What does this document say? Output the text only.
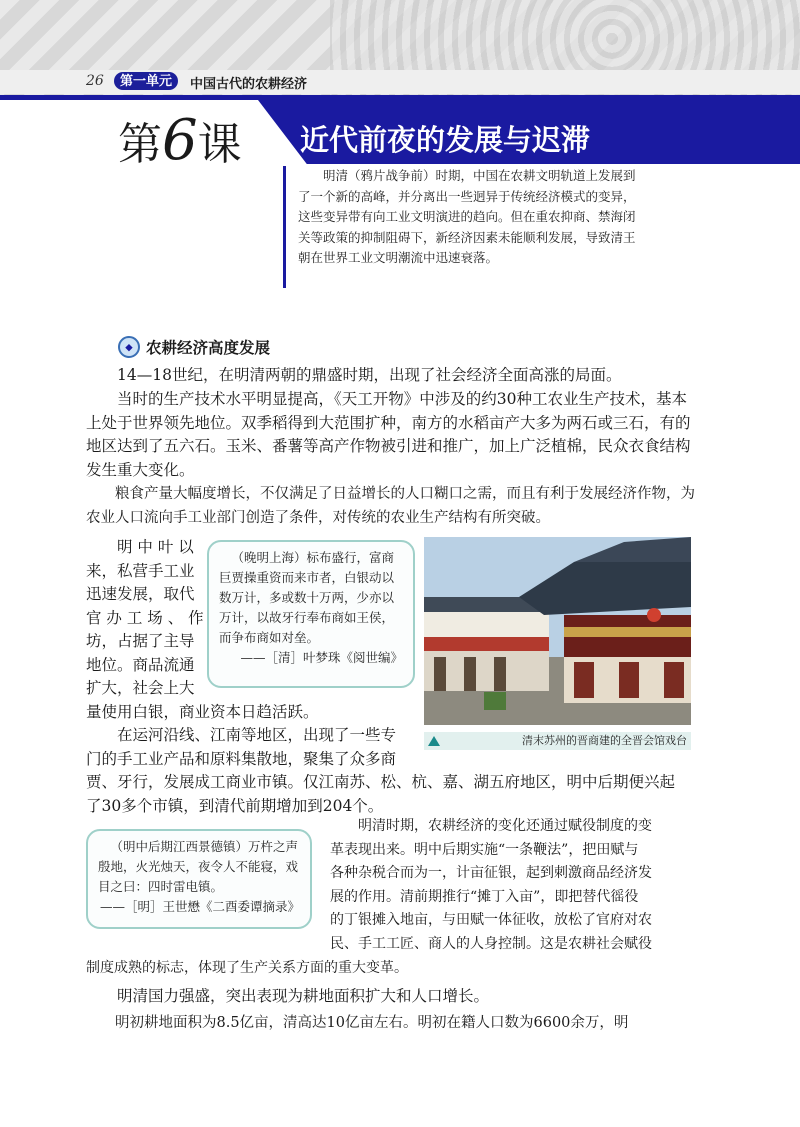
26	第一单元	中国古代的农耕经济
第6课 近代前夜的发展与迟滞

明清（鸦片战争前）时期，中国在农耕文明轨道上发展到了一个新的高峰，并分离出一些迥异于传统经济模式的变异，这些变异带有向工业文明演进的趋向。但在重农抑商、禁海闭关等政策的抑制阻碍下，新经济因素未能顺利发展，导致清王朝在世界工业文明潮流中迅速衰落。

◆ 农耕经济高度发展

14—18世纪，在明清两朝的鼎盛时期，出现了社会经济全面高涨的局面。

当时的生产技术水平明显提高，《天工开物》中涉及的约30种工农业生产技术，基本上处于世界领先地位。双季稻得到大范围扩种，南方的水稻亩产大多为两石或三石，有的地区达到了五六石。玉米、番薯等高产作物被引进和推广，加上广泛植棉，民众衣食结构发生重大变化。

粮食产量大幅度增长，不仅满足了日益增长的人口糊口之需，而且有利于发展经济作物，为农业人口流向手工业部门创造了条件，对传统的农业生产结构有所突破。

明 中 叶 以
来，私营手工业
迅速发展，取代
官 办 工 场 、 作
坊，占据了主导
地位。商品流通
扩大，社会上大
量使用白银，商业资本日趋活跃。
（晚明上海）标布盛行，富商巨贾操重资而来市者，白银动以数万计，多或数十万两，少亦以万计，以故牙行奉布商如王侯，而争布商如对垒。
——［清］叶梦珠《阅世编》
清末苏州的晋商建的全晋会馆戏台
在运河沿线、江南等地区，出现了一些专
门的手工业产品和原料集散地，聚集了众多商
贾、牙行，发展成工商业市镇。仅江南苏、松、杭、嘉、湖五府地区，明中后期便兴起
了30多个市镇，到清代前期增加到204个。
（明中后期江西景德镇）万杵之声殷地，火光烛天，夜令人不能寝，戏目之曰：四时雷电镇。
——［明］王世懋《二酉委谭摘录》
明清时期，农耕经济的变化还通过赋役制度的变
革表现出来。明中后期实施“一条鞭法”，把田赋与
各种杂税合而为一，计亩征银，起到刺激商品经济发
展的作用。清前期推行“摊丁入亩”，即把替代徭役
的丁银摊入地亩，与田赋一体征收，放松了官府对农
民、手工工匠、商人的人身控制。这是农耕社会赋役
制度成熟的标志，体现了生产关系方面的重大变革。

明清国力强盛，突出表现为耕地面积扩大和人口增长。

明初耕地面积为8.5亿亩，清高达10亿亩左右。明初在籍人口数为6600余万，明
